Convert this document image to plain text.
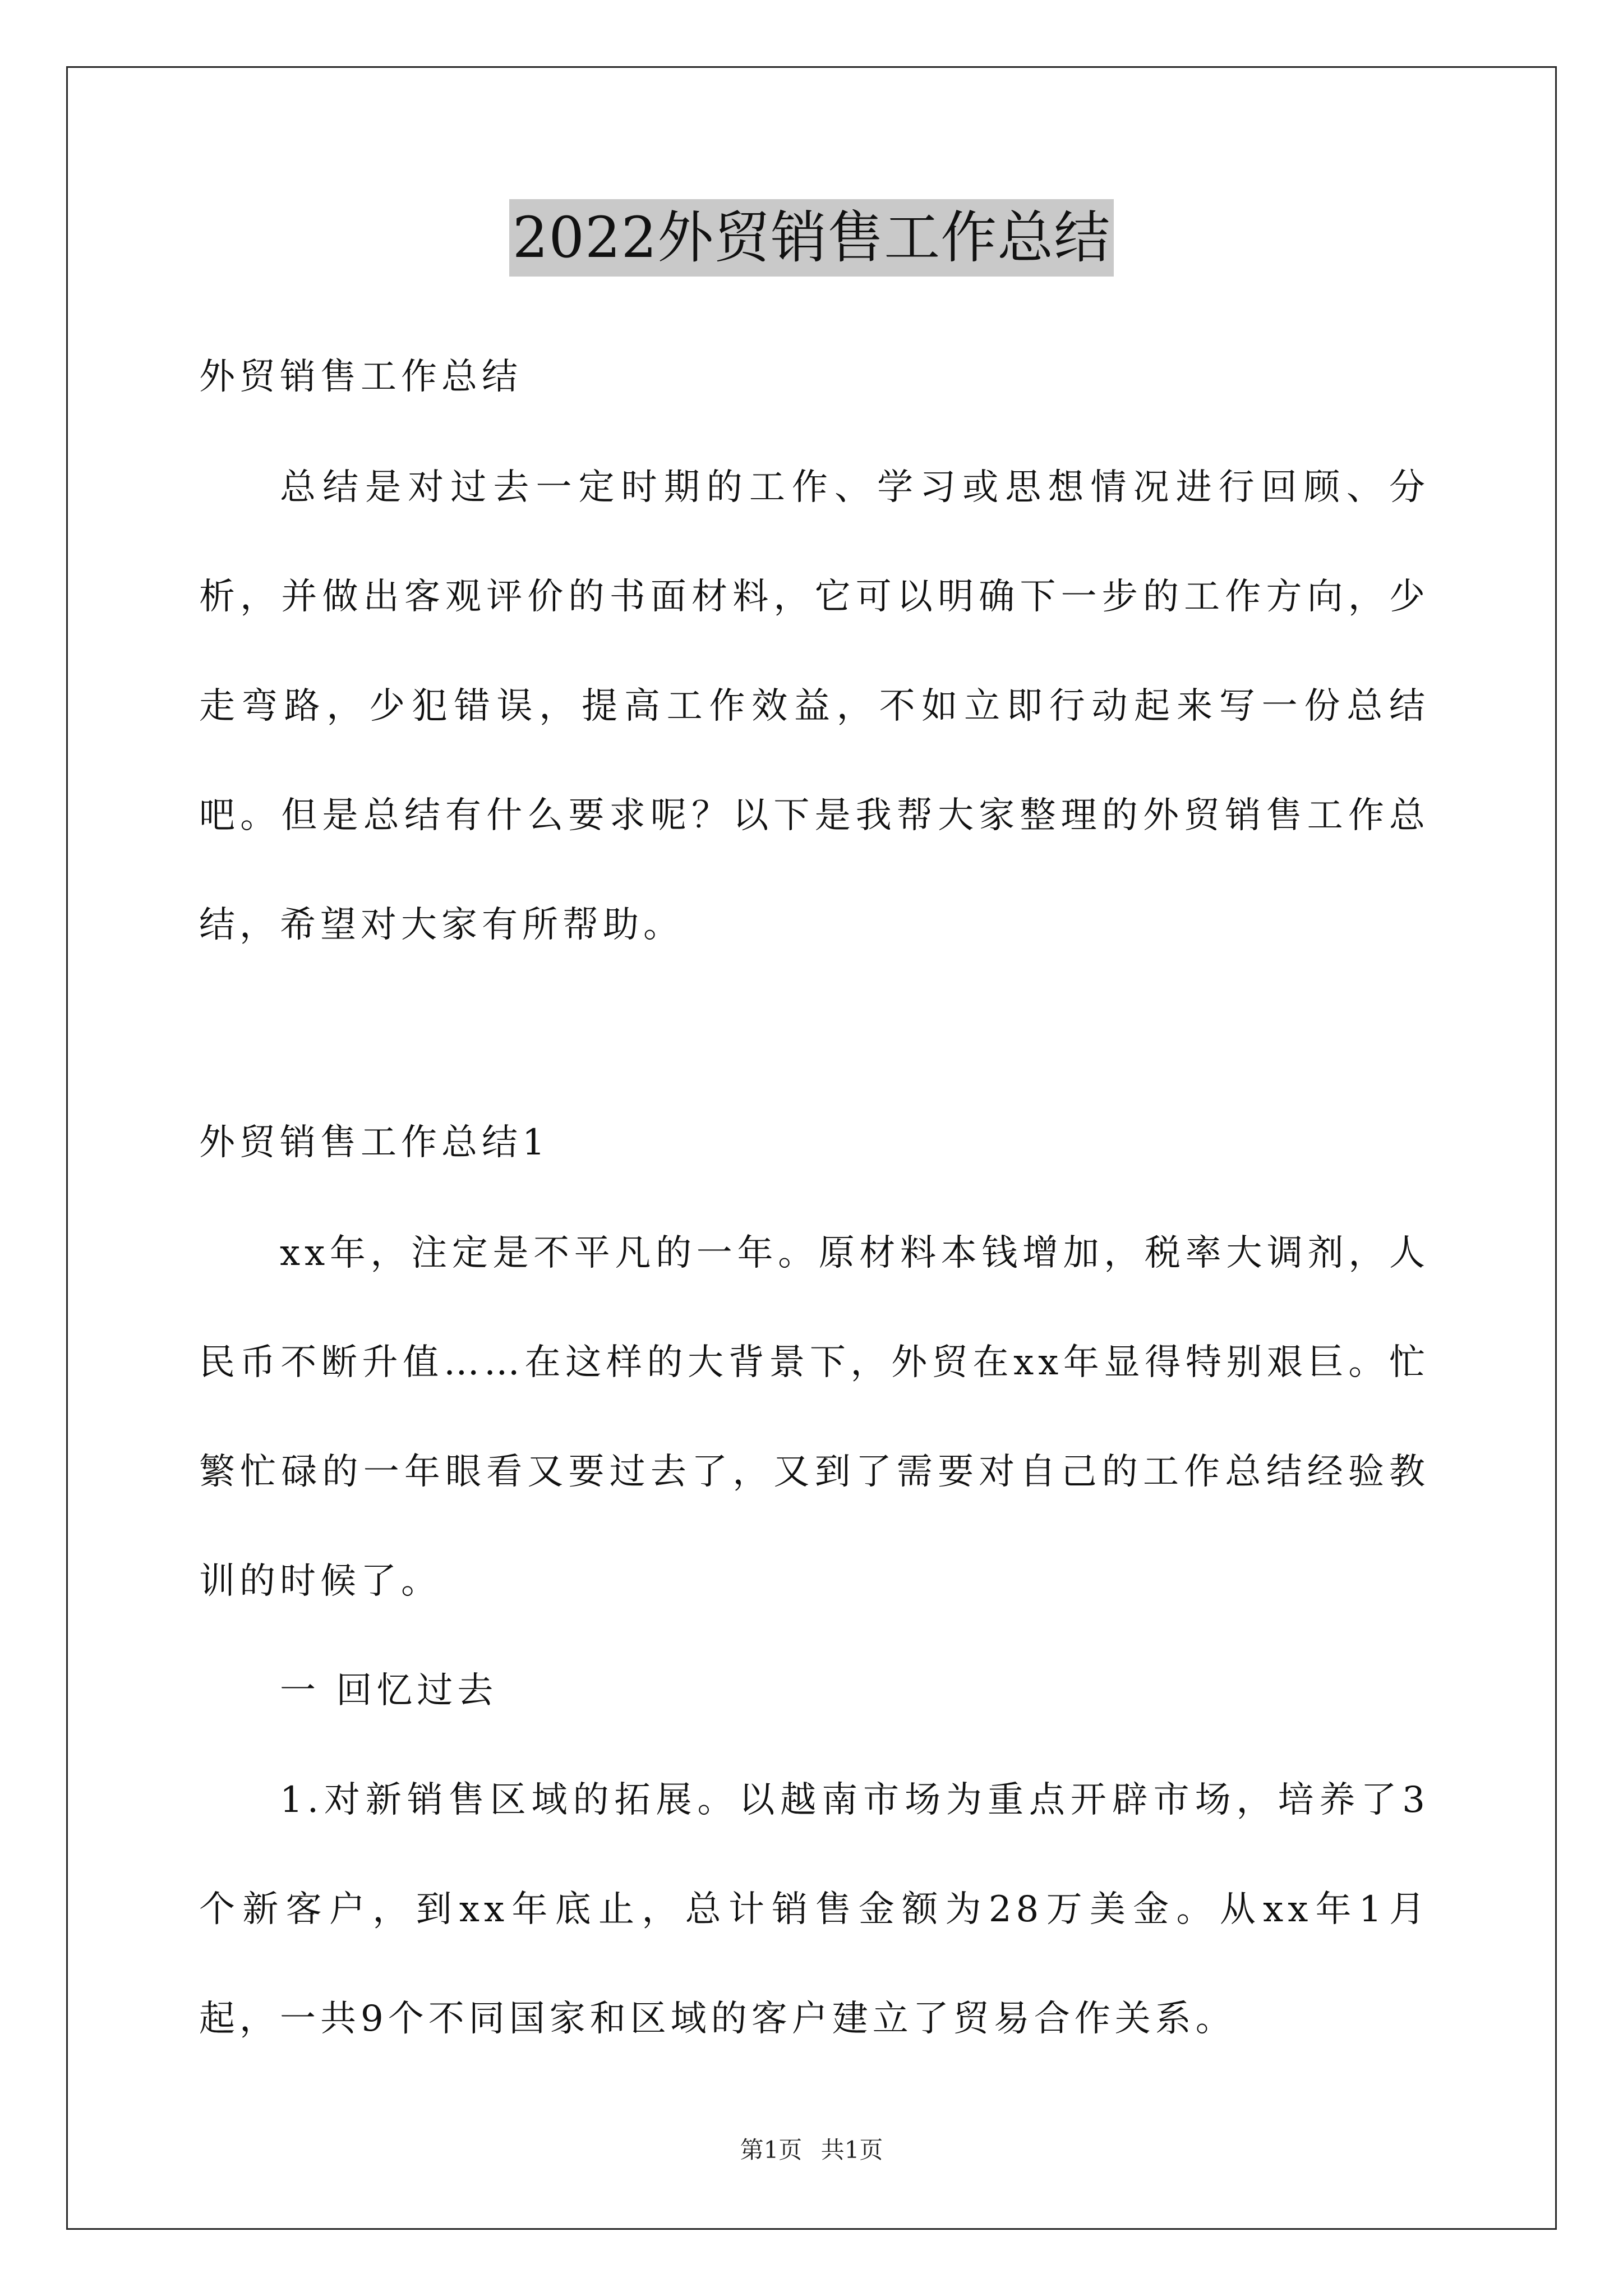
2022外贸销售工作总结

外贸销售工作总结

总结是对过去一定时期的工作、学习或思想情况进行回顾、分析，并做出客观评价的书面材料，它可以明确下一步的工作方向，少走弯路，少犯错误，提高工作效益，不如立即行动起来写一份总结吧。但是总结有什么要求呢？以下是我帮大家整理的外贸销售工作总结，希望对大家有所帮助。

外贸销售工作总结1

xx年，注定是不平凡的一年。原材料本钱增加，税率大调剂，人民币不断升值……在这样的大背景下，外贸在xx年显得特别艰巨。忙繁忙碌的一年眼看又要过去了，又到了需要对自己的工作总结经验教训的时候了。

一 回忆过去

1.对新销售区域的拓展。以越南市场为重点开辟市场，培养了3个新客户，到xx年底止，总计销售金额为28万美金。从xx年1月起，一共9个不同国家和区域的客户建立了贸易合作关系。

第1页 共1页
